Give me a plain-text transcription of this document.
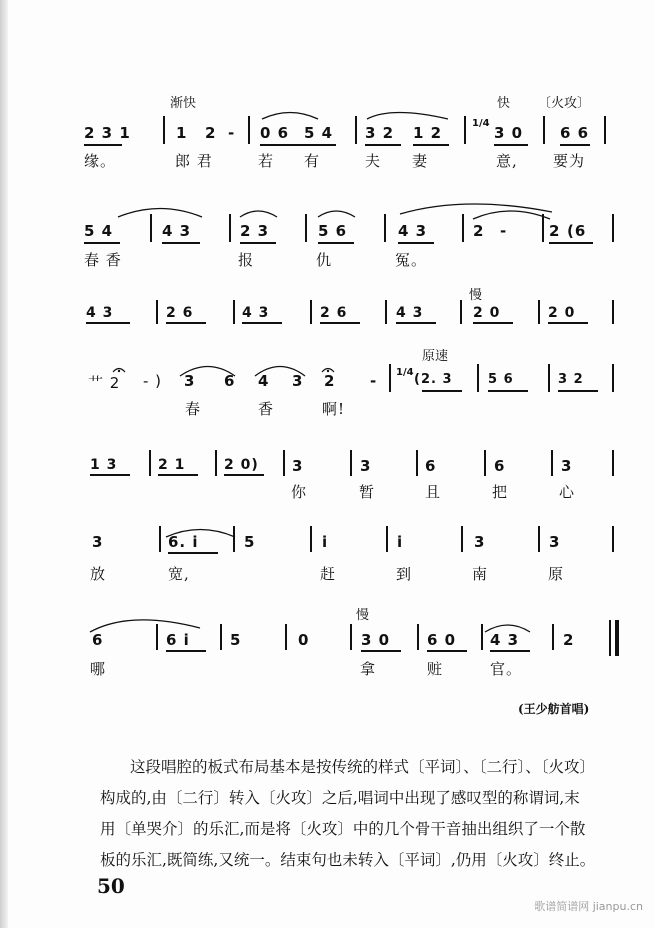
渐快	快 〔火攻〕
2 3 1	1 2 - 0 6 5 4 3 2 1 2
1/4
3 0 6 6
缘。	郎 君	若 有	夫 妻	意, 要为
5 4	4 3	2 3	5 6	4 3	2 -	2 (6
春 香	报	仇	冤。
慢
4 3	2 6	4 3	2 6	4 3	2 0	2 0
原速
艹 2 - ) 3 6 4 3 2 - 1/4 (2. 3	5 6	3 2
春	香	啊!
1 3	2 1	2 0) 3	3	6	6	3
你	暂	且	把	心
3	6. i	5	i	i	3	3
放	宽,	赶	到	南	原
慢
6	6 i	5	0	3 0 6 0 4 3	2
哪	拿	赃	官。
(王少舫首唱)
这段唱腔的板式布局基本是按传统的样式〔平词〕、〔二行〕、〔火攻〕
构成的,由〔二行〕转入〔火攻〕之后,唱词中出现了感叹型的称谓词,末
用〔单哭介〕的乐汇,而是将〔火攻〕中的几个骨干音抽出组织了一个散
板的乐汇,既简练,又统一。结束句也未转入〔平词〕,仍用〔火攻〕终止。
50
歌谱简谱网 jianpu.cn
